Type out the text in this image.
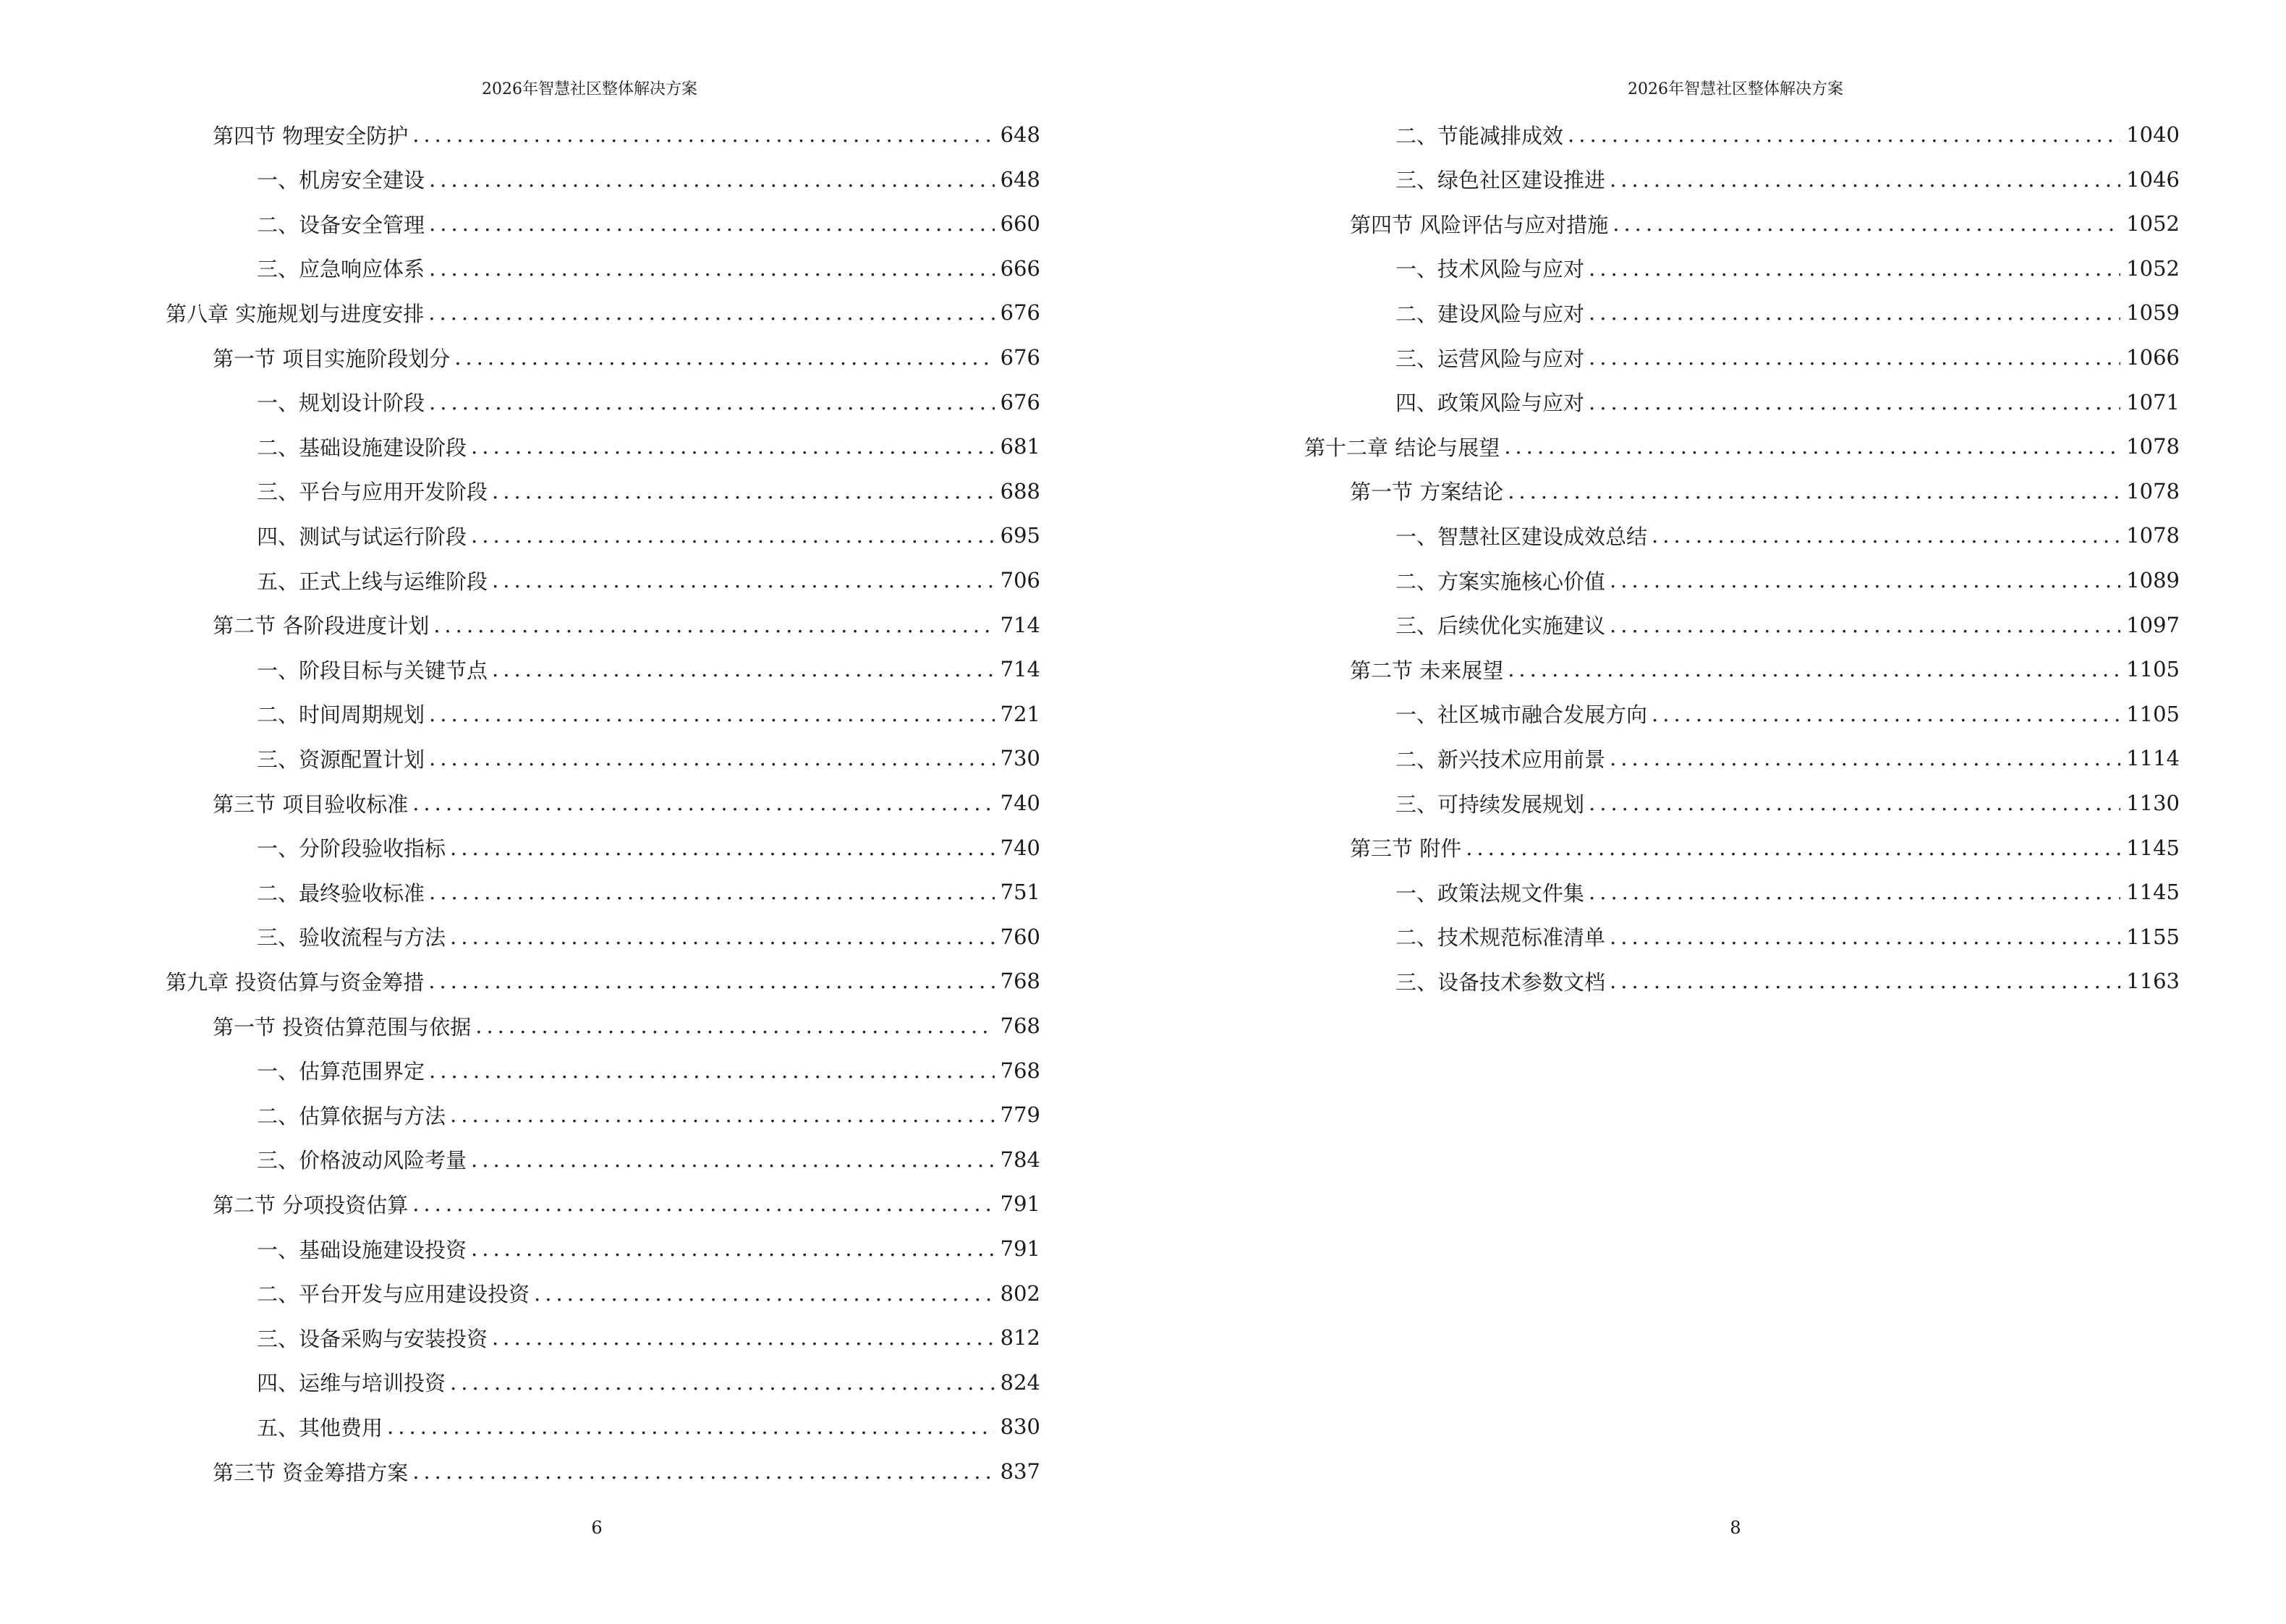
2026年智慧社区整体解决方案
第四节 物理安全防护 .....	648
一、机房安全建设 .....	648
二、设备安全管理 .....	660
三、应急响应体系 .....	666
第八章 实施规划与进度安排 .....	676
第一节 项目实施阶段划分 .....	676
一、规划设计阶段 .....	676
二、基础设施建设阶段 .....	681
三、平台与应用开发阶段 .....	688
四、测试与试运行阶段 .....	695
五、正式上线与运维阶段 .....	706
第二节 各阶段进度计划 .....	714
一、阶段目标与关键节点 .....	714
二、时间周期规划 .....	721
三、资源配置计划 .....	730
第三节 项目验收标准 .....	740
一、分阶段验收指标 .....	740
二、最终验收标准 .....	751
三、验收流程与方法 .....	760
第九章 投资估算与资金筹措 .....	768
第一节 投资估算范围与依据 .....	768
一、估算范围界定 .....	768
二、估算依据与方法 .....	779
三、价格波动风险考量 .....	784
第二节 分项投资估算 .....	791
一、基础设施建设投资 .....	791
二、平台开发与应用建设投资 .....	802
三、设备采购与安装投资 .....	812
四、运维与培训投资 .....	824
五、其他费用 .....	830
第三节 资金筹措方案 .....	837
6
2026年智慧社区整体解决方案
二、节能减排成效 .....	1040
三、绿色社区建设推进 .....	1046
第四节 风险评估与应对措施 .....	1052
一、技术风险与应对 .....	1052
二、建设风险与应对 .....	1059
三、运营风险与应对 .....	1066
四、政策风险与应对 .....	1071
第十二章 结论与展望 .....	1078
第一节 方案结论 .....	1078
一、智慧社区建设成效总结 .....	1078
二、方案实施核心价值 .....	1089
三、后续优化实施建议 .....	1097
第二节 未来展望 .....	1105
一、社区城市融合发展方向 .....	1105
二、新兴技术应用前景 .....	1114
三、可持续发展规划 .....	1130
第三节 附件 .....	1145
一、政策法规文件集 .....	1145
二、技术规范标准清单 .....	1155
三、设备技术参数文档 .....	1163
8
